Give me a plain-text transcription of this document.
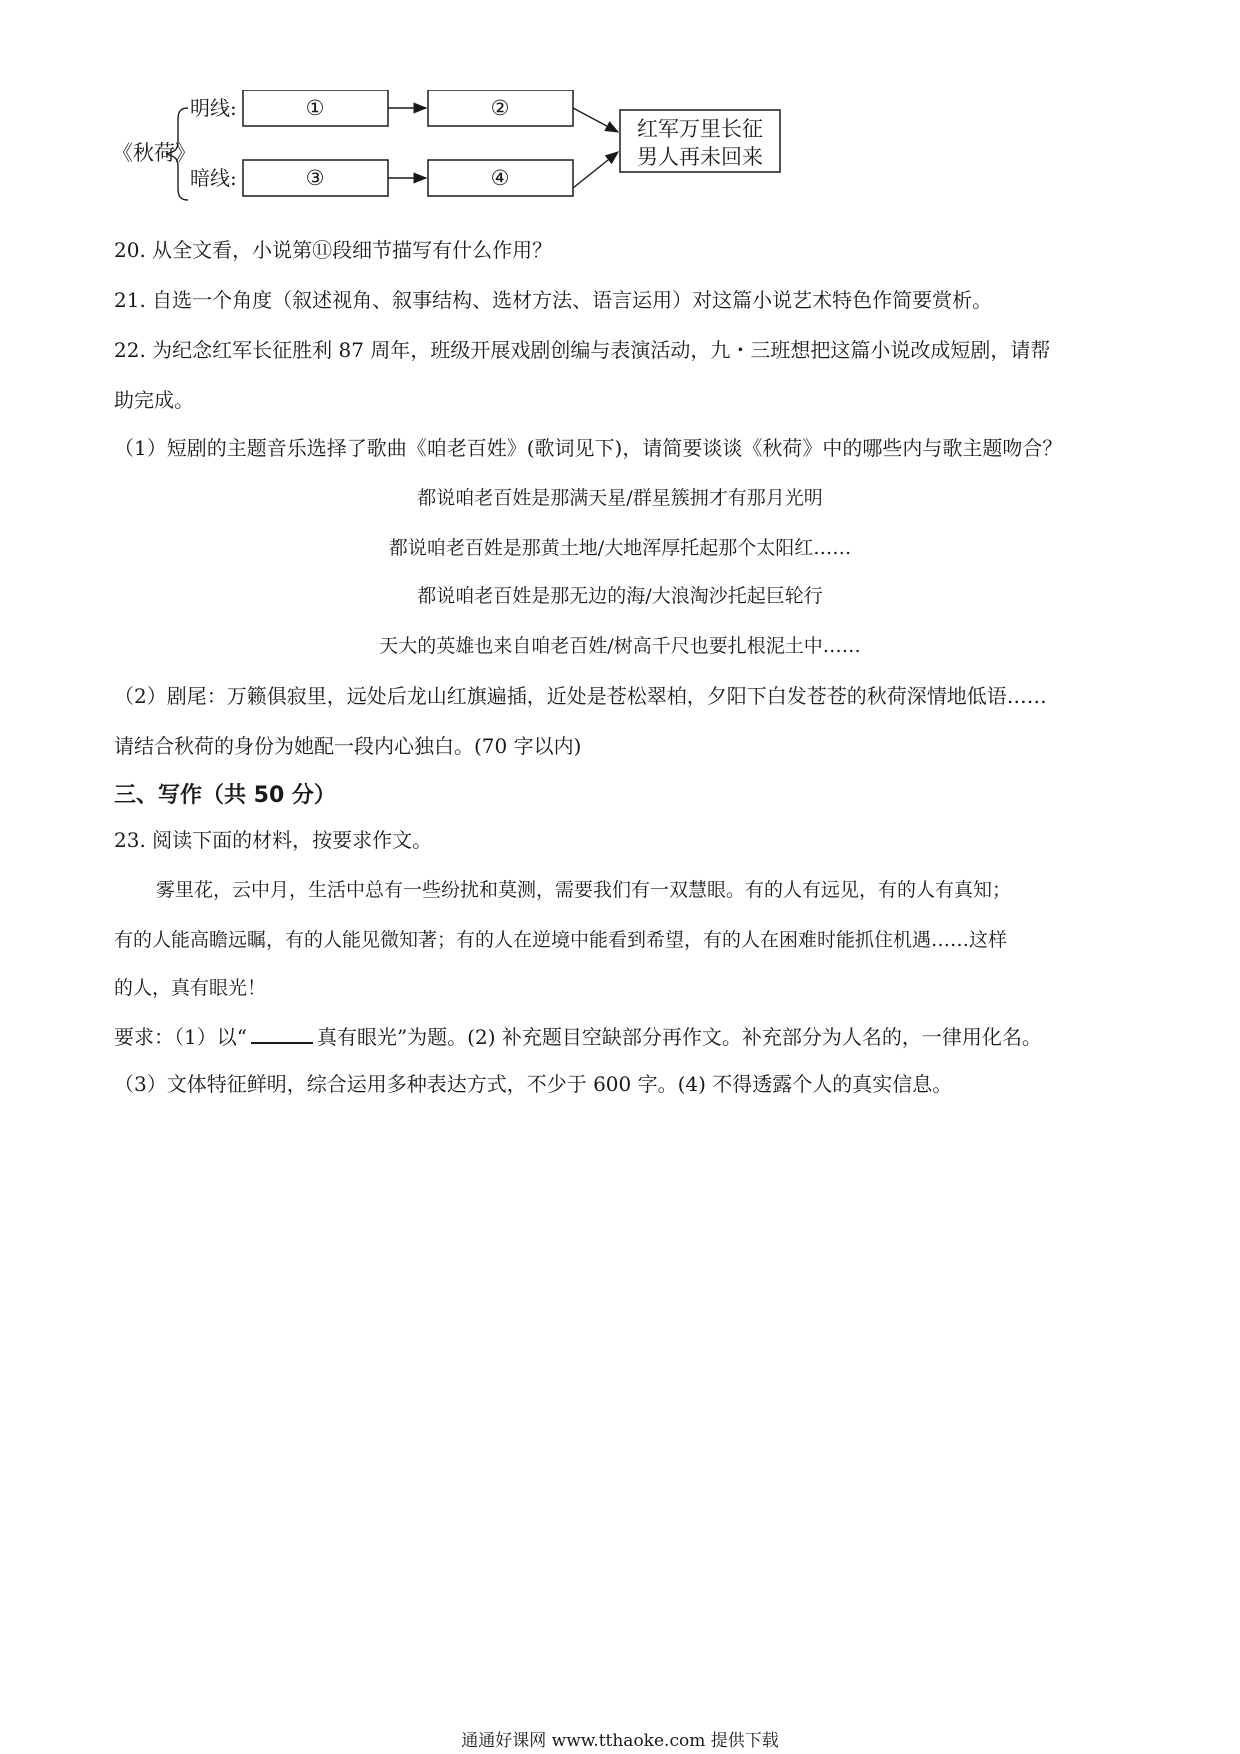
《秋荷》
明线:
暗线:
①	②
③	④
红军万里长征
男人再未回来
20. 从全文看，小说第⑪段细节描写有什么作用？
21. 自选一个角度（叙述视角、叙事结构、选材方法、语言运用）对这篇小说艺术特色作简要赏析。
22. 为纪念红军长征胜利 87 周年，班级开展戏剧创编与表演活动，九・三班想把这篇小说改成短剧，请帮
助完成。
（1）短剧的主题音乐选择了歌曲《咱老百姓》(歌词见下)，请简要谈谈《秋荷》中的哪些内与歌主题吻合？
都说咱老百姓是那满天星/群星簇拥才有那月光明
都说咱老百姓是那黄土地/大地浑厚托起那个太阳红……
都说咱老百姓是那无边的海/大浪淘沙托起巨轮行
天大的英雄也来自咱老百姓/树高千尺也要扎根泥土中……
（2）剧尾：万籁俱寂里，远处后龙山红旗遍插，近处是苍松翠柏，夕阳下白发苍苍的秋荷深情地低语……
请结合秋荷的身份为她配一段内心独白。(70 字以内)
三、写作（共 50 分）
23. 阅读下面的材料，按要求作文。
雾里花，云中月，生活中总有一些纷扰和莫测，需要我们有一双慧眼。有的人有远见，有的人有真知；
有的人能高瞻远瞩，有的人能见微知著；有的人在逆境中能看到希望，有的人在困难时能抓住机遇……这样
的人，真有眼光！
要求：（1）以“	真有眼光”为题。(2) 补充题目空缺部分再作文。补充部分为人名的，一律用化名。
（3）文体特征鲜明，综合运用多种表达方式，不少于 600 字。(4) 不得透露个人的真实信息。
通通好课网 www.tthaoke.com 提供下载
